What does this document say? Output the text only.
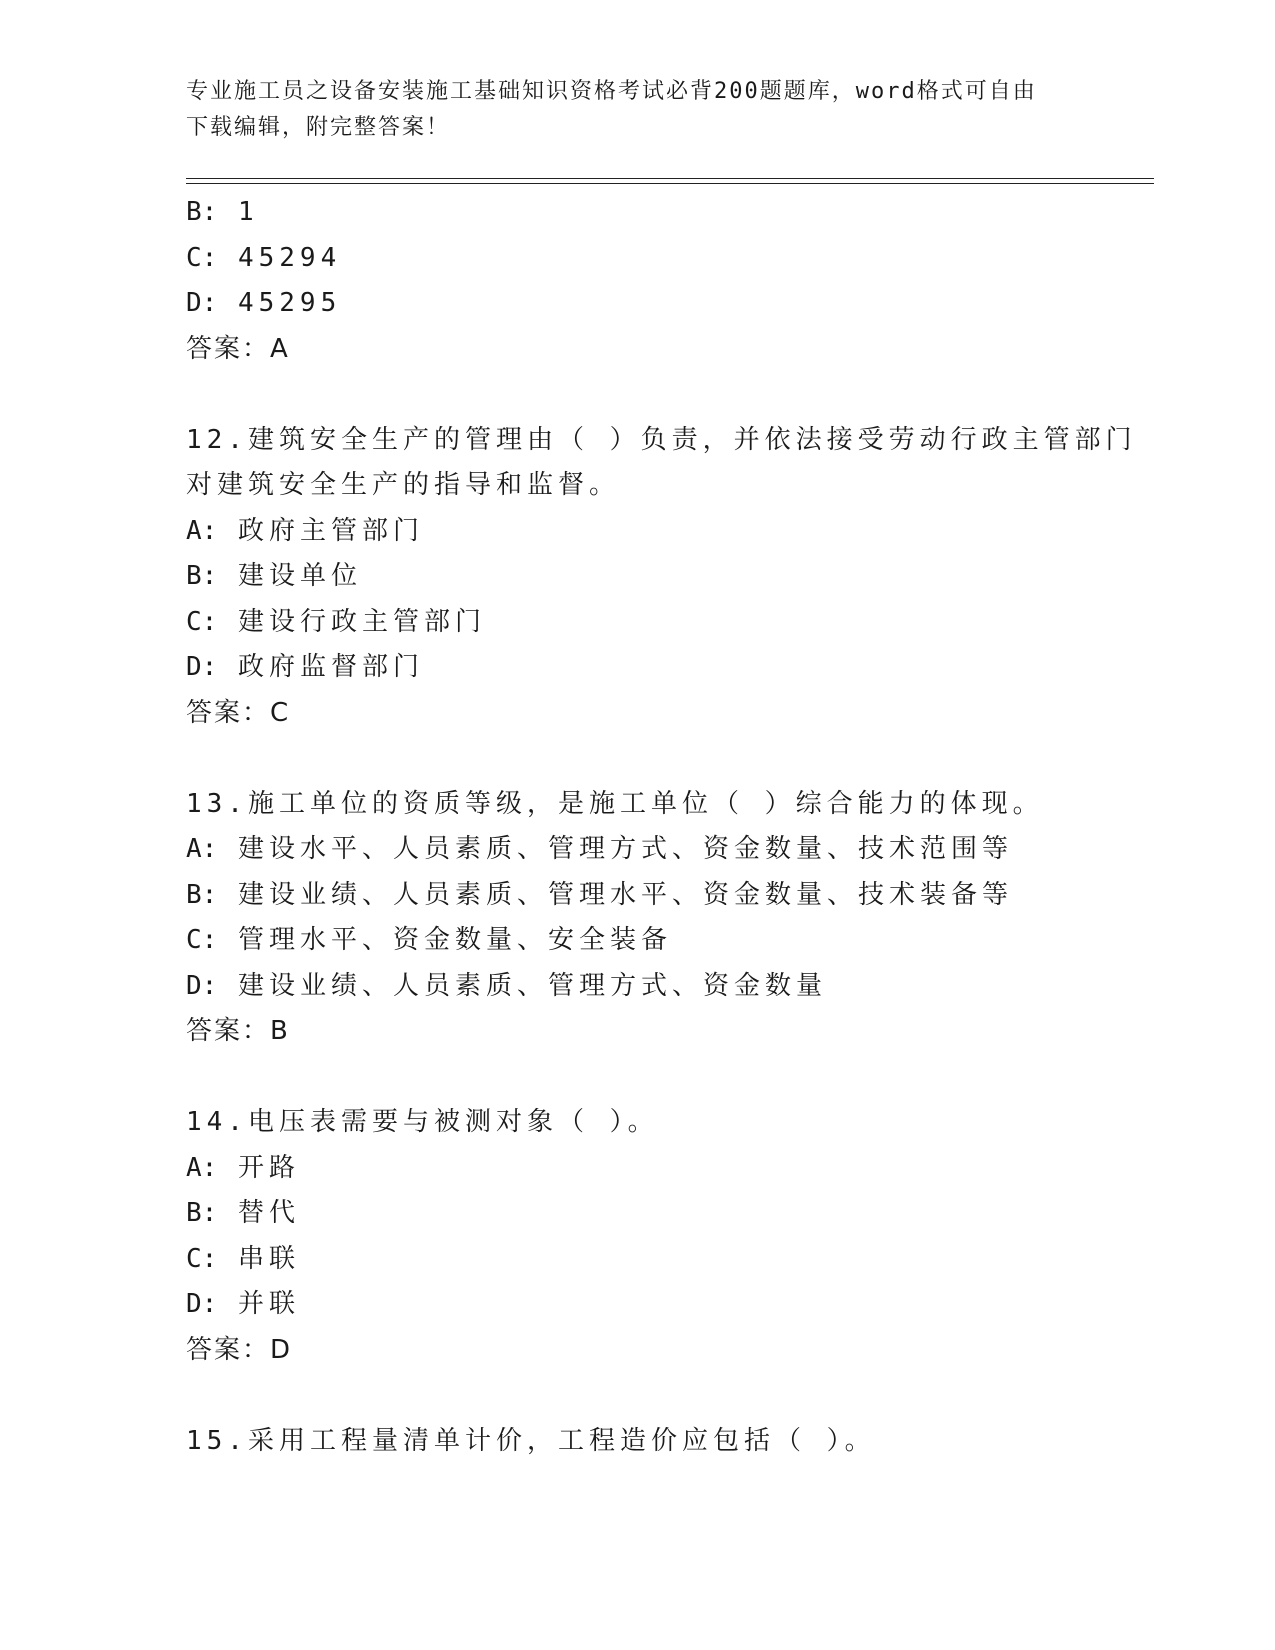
专业施工员之设备安装施工基础知识资格考试必背200题题库，word格式可自由
下载编辑，附完整答案！
B: 1
C: 45294
D: 45295
答案：A
12.建筑安全生产的管理由（ ）负责，并依法接受劳动行政主管部门
对建筑安全生产的指导和监督。
A: 政府主管部门
B: 建设单位
C: 建设行政主管部门
D: 政府监督部门
答案：C
13.施工单位的资质等级，是施工单位（ ）综合能力的体现。
A: 建设水平、人员素质、管理方式、资金数量、技术范围等
B: 建设业绩、人员素质、管理水平、资金数量、技术装备等
C: 管理水平、资金数量、安全装备
D: 建设业绩、人员素质、管理方式、资金数量
答案：B
14.电压表需要与被测对象（ ）。
A: 开路
B: 替代
C: 串联
D: 并联
答案：D
15.采用工程量清单计价，工程造价应包括（ ）。
